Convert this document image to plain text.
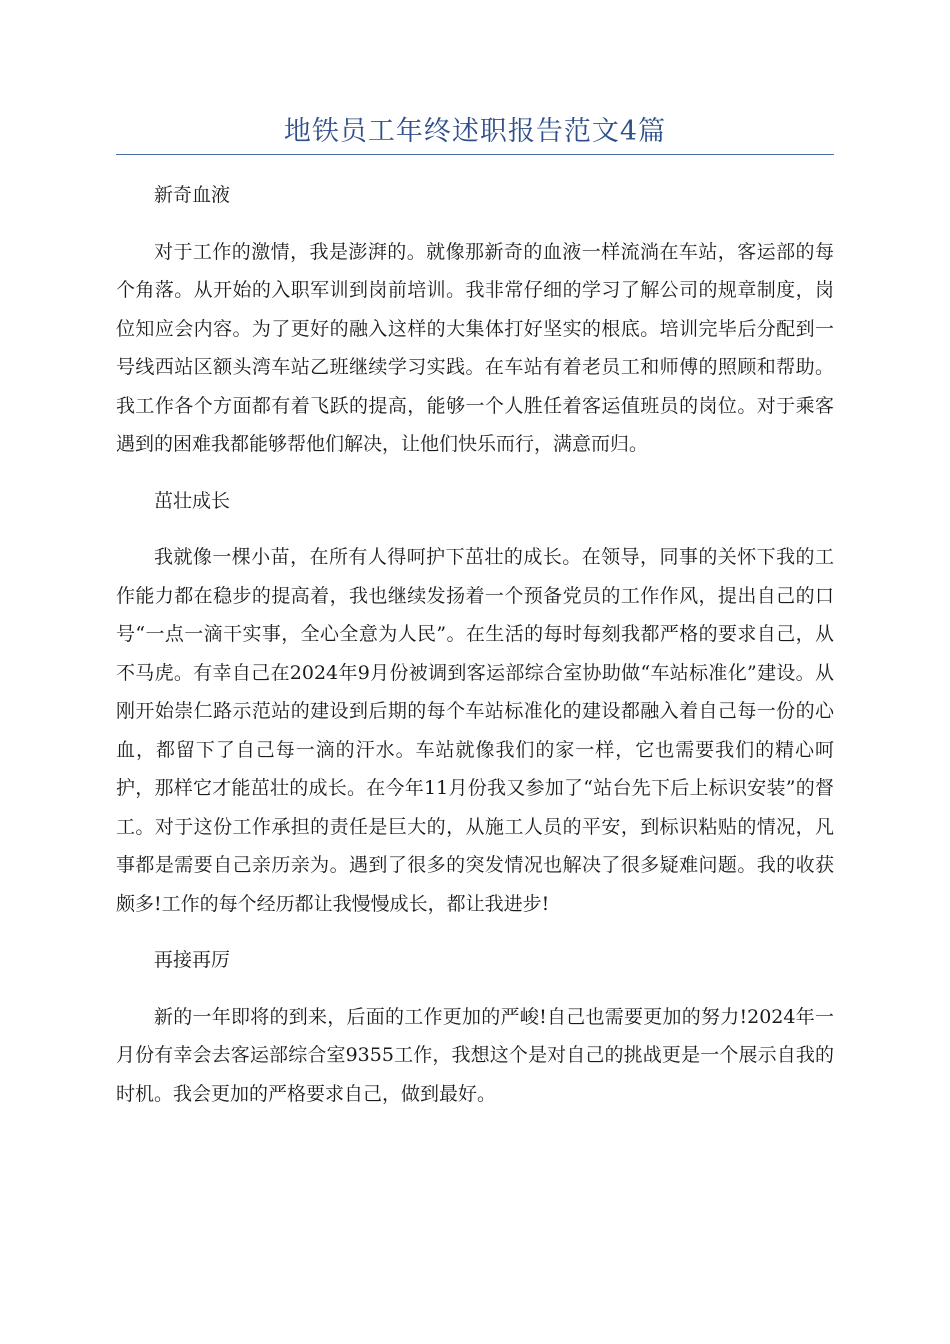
地铁员工年终述职报告范文4篇

新奇血液

对于工作的激情，我是澎湃的。就像那新奇的血液一样流淌在车站，客运部的每个角落。从开始的入职军训到岗前培训。我非常仔细的学习了解公司的规章制度，岗位知应会内容。为了更好的融入这样的大集体打好坚实的根底。培训完毕后分配到一号线西站区额头湾车站乙班继续学习实践。在车站有着老员工和师傅的照顾和帮助。我工作各个方面都有着飞跃的提高，能够一个人胜任着客运值班员的岗位。对于乘客遇到的困难我都能够帮他们解决，让他们快乐而行，满意而归。

茁壮成长

我就像一棵小苗，在所有人得呵护下茁壮的成长。在领导，同事的关怀下我的工作能力都在稳步的提高着，我也继续发扬着一个预备党员的工作作风，提出自己的口号“一点一滴干实事，全心全意为人民”。在生活的每时每刻我都严格的要求自己，从不马虎。有幸自己在2024年9月份被调到客运部综合室协助做“车站标准化”建设。从刚开始崇仁路示范站的建设到后期的每个车站标准化的建设都融入着自己每一份的心血，都留下了自己每一滴的汗水。车站就像我们的家一样，它也需要我们的精心呵护，那样它才能茁壮的成长。在今年11月份我又参加了“站台先下后上标识安装”的督工。对于这份工作承担的责任是巨大的，从施工人员的平安，到标识粘贴的情况，凡事都是需要自己亲历亲为。遇到了很多的突发情况也解决了很多疑难问题。我的收获颇多!工作的每个经历都让我慢慢成长，都让我进步!

再接再厉

新的一年即将的到来，后面的工作更加的严峻!自己也需要更加的努力!2024年一月份有幸会去客运部综合室9355工作，我想这个是对自己的挑战更是一个展示自我的时机。我会更加的严格要求自己，做到最好。
